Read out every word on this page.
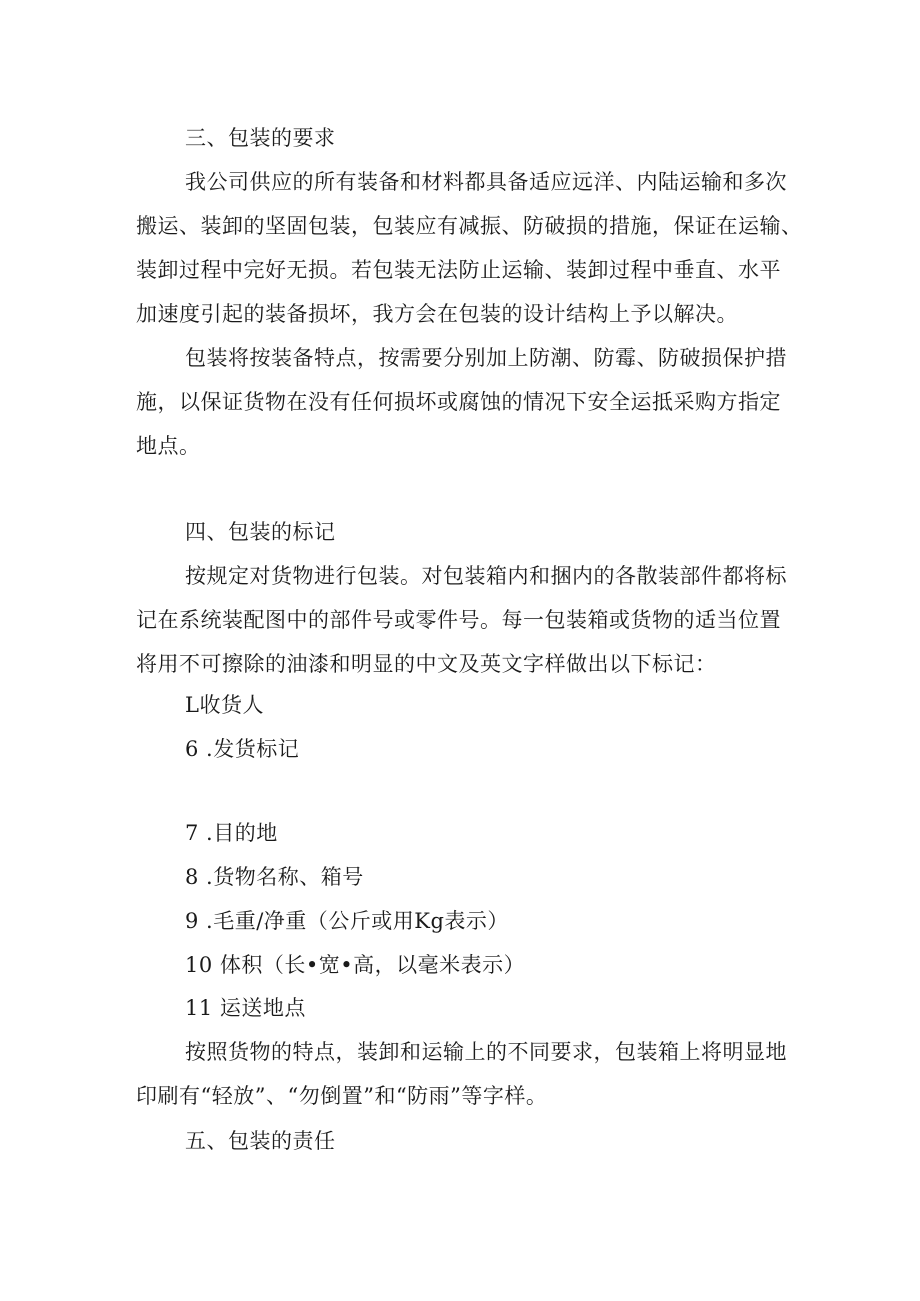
三、包装的要求
我公司供应的所有装备和材料都具备适应远洋、内陆运输和多次
搬运、装卸的坚固包装，包装应有减振、防破损的措施，保证在运输、
装卸过程中完好无损。若包装无法防止运输、装卸过程中垂直、水平
加速度引起的装备损坏，我方会在包装的设计结构上予以解决。
包装将按装备特点，按需要分别加上防潮、防霉、防破损保护措
施，以保证货物在没有任何损坏或腐蚀的情况下安全运抵采购方指定
地点。
四、包装的标记
按规定对货物进行包装。对包装箱内和捆内的各散装部件都将标
记在系统装配图中的部件号或零件号。每一包装箱或货物的适当位置
将用不可擦除的油漆和明显的中文及英文字样做出以下标记：
L收货人
6 .发货标记
7 .目的地
8 .货物名称、箱号
9 .毛重/净重（公斤或用Kg表示）
10 体积（长•宽•高，以毫米表示）
11 运送地点
按照货物的特点，装卸和运输上的不同要求，包装箱上将明显地
印刷有“轻放”、“勿倒置”和“防雨”等字样。
五、包装的责任
